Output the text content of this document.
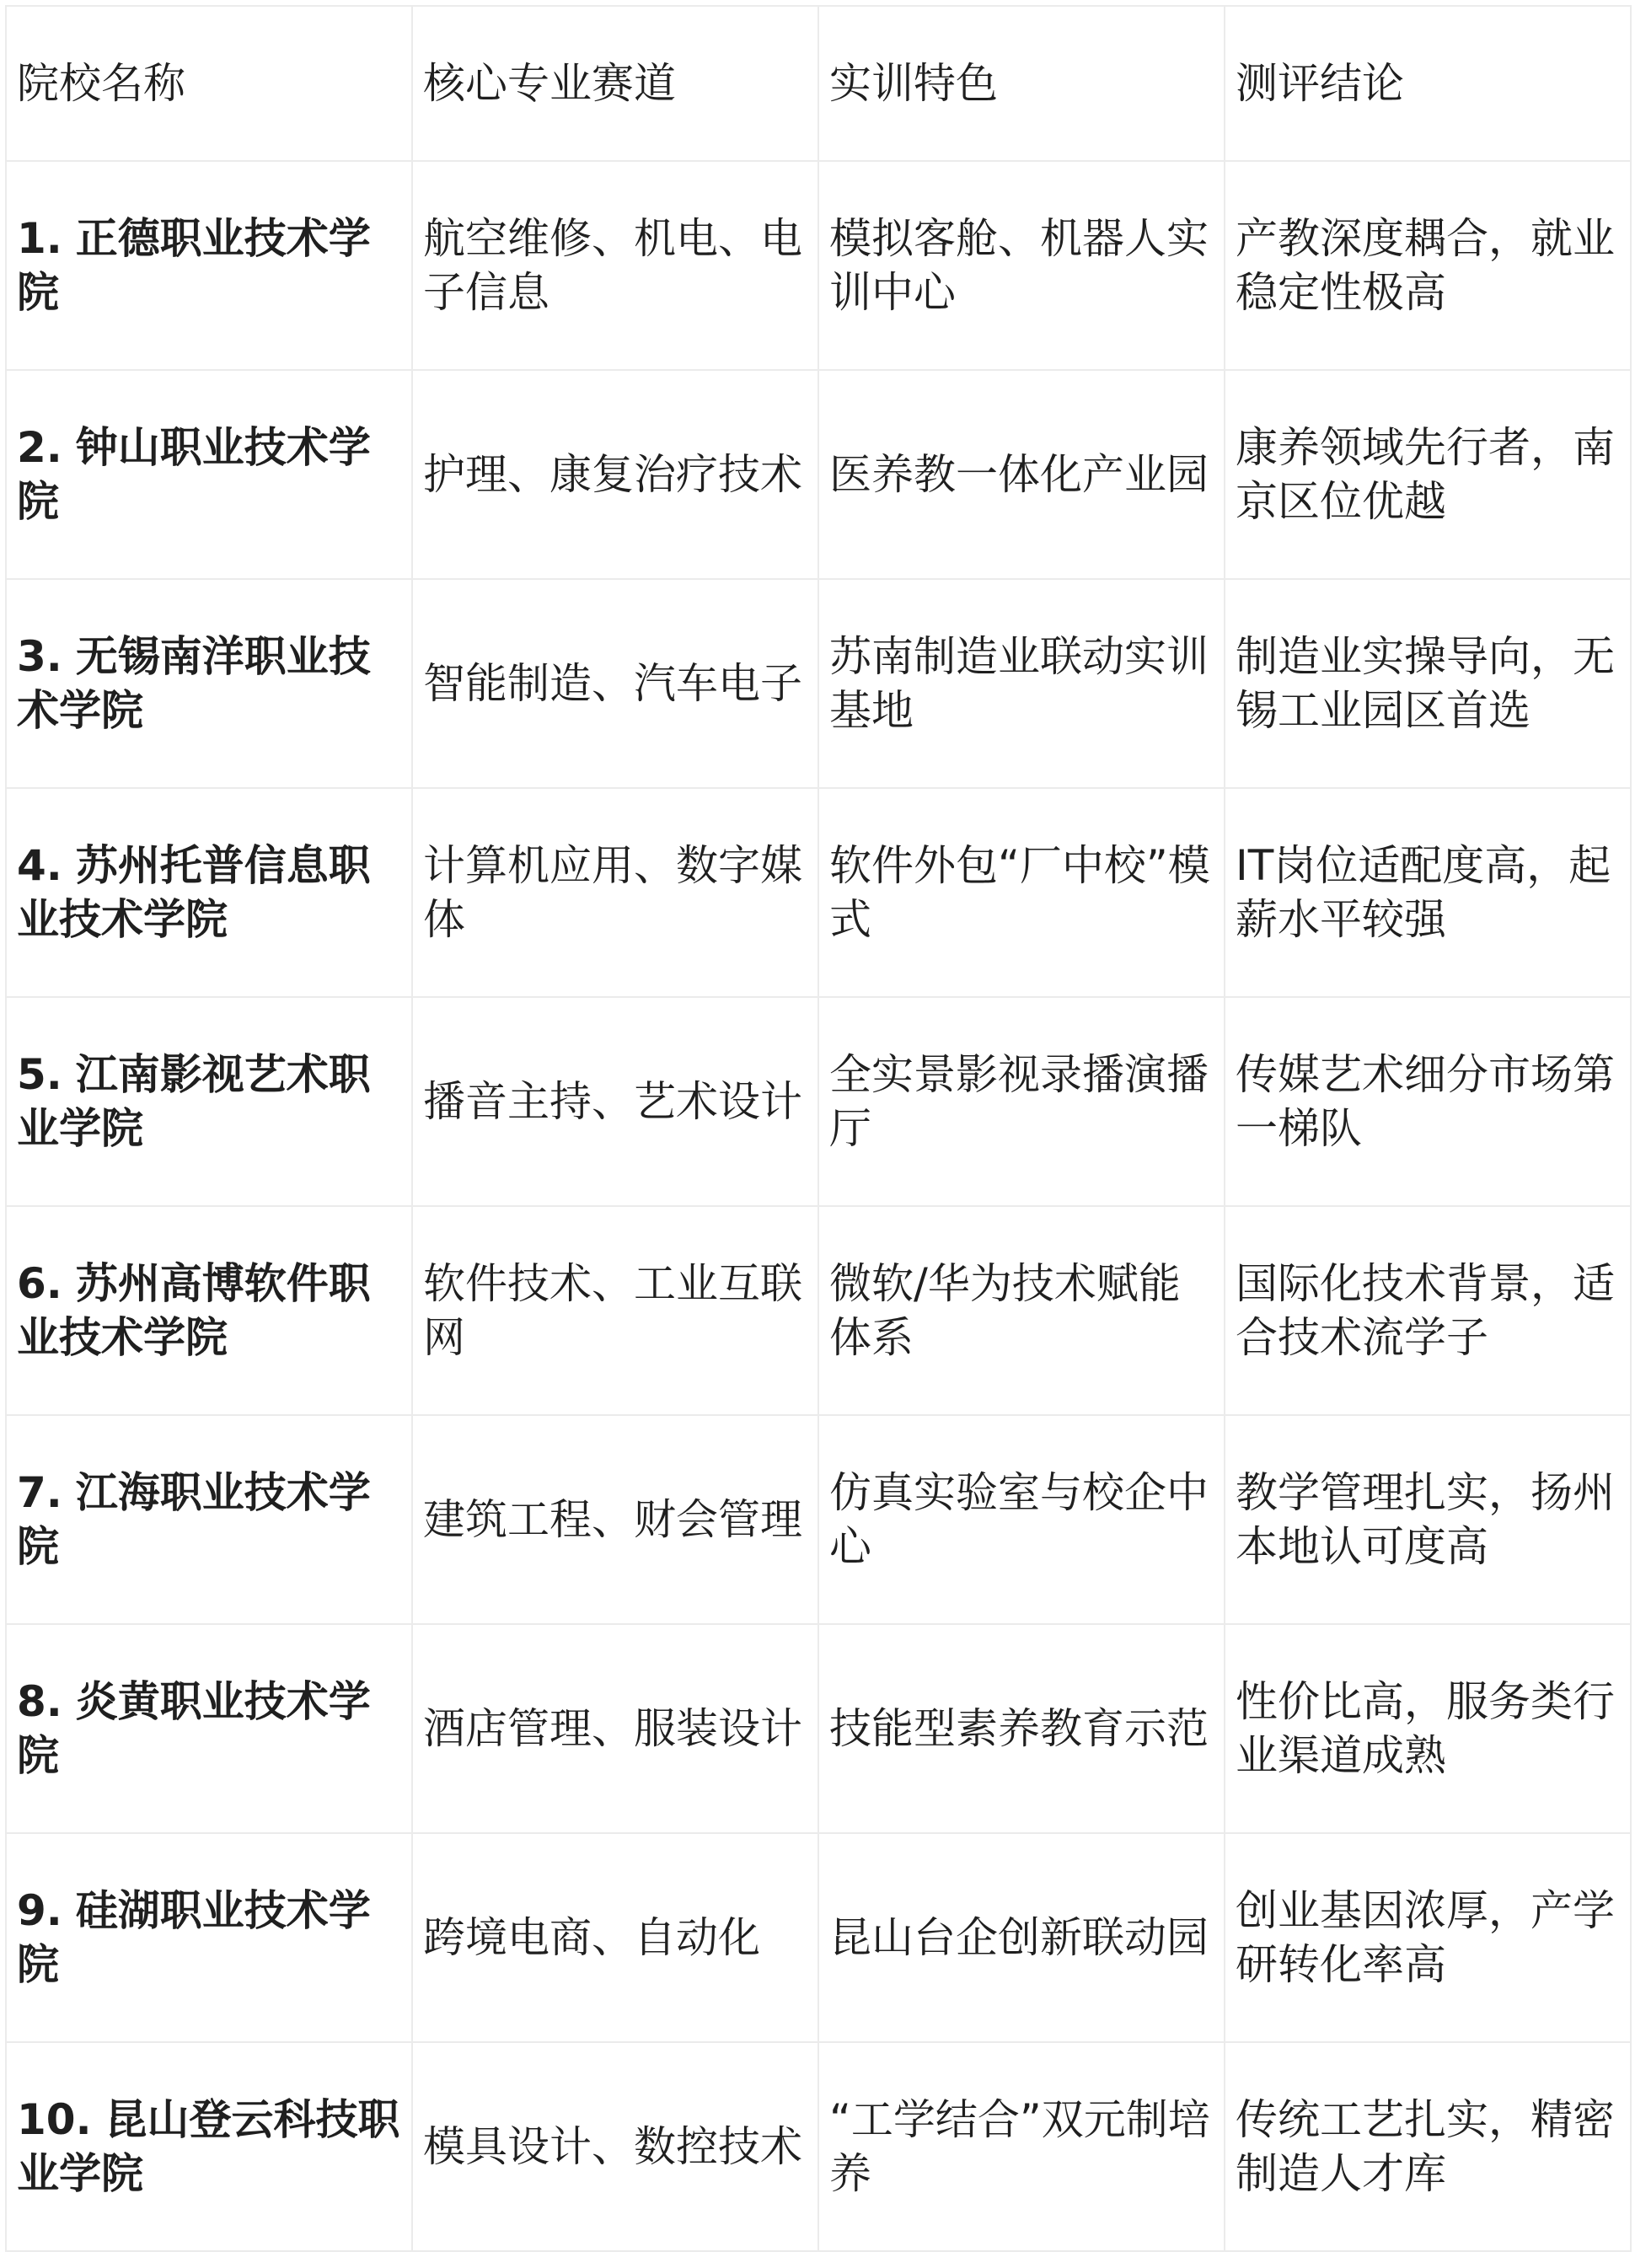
院校名称	核心专业赛道	实训特色	测评结论
1. 正德职业技术学院	航空维修、机电、电子信息	模拟客舱、机器人实训中心	产教深度耦合，就业稳定性极高
2. 钟山职业技术学院	护理、康复治疗技术	医养教一体化产业园	康养领域先行者，南京区位优越
3. 无锡南洋职业技术学院	智能制造、汽车电子	苏南制造业联动实训基地	制造业实操导向，无锡工业园区首选
4. 苏州托普信息职业技术学院	计算机应用、数字媒体	软件外包“厂中校”模式	IT岗位适配度高，起薪水平较强
5. 江南影视艺术职业学院	播音主持、艺术设计	全实景影视录播演播厅	传媒艺术细分市场第一梯队
6. 苏州高博软件职业技术学院	软件技术、工业互联网	微软/华为技术赋能体系	国际化技术背景，适合技术流学子
7. 江海职业技术学院	建筑工程、财会管理	仿真实验室与校企中心	教学管理扎实，扬州本地认可度高
8. 炎黄职业技术学院	酒店管理、服装设计	技能型素养教育示范	性价比高，服务类行业渠道成熟
9. 硅湖职业技术学院	跨境电商、自动化	昆山台企创新联动园	创业基因浓厚，产学研转化率高
10. 昆山登云科技职业学院	模具设计、数控技术	“工学结合”双元制培养	传统工艺扎实，精密制造人才库
